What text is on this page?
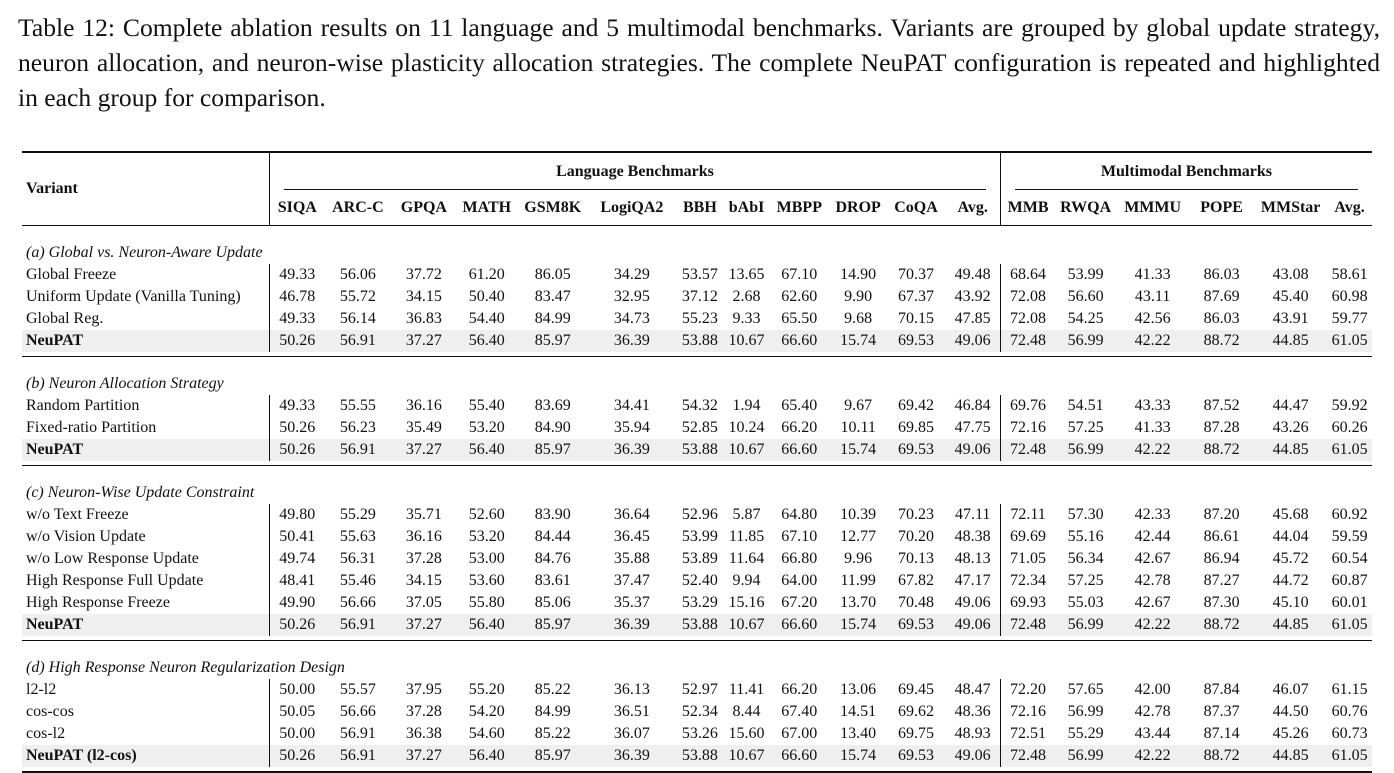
Table 12: Complete ablation results on 11 language and 5 multimodal benchmarks. Variants are grouped by global update strategy, neuron allocation, and neuron-wise plasticity allocation strategies. The complete NeuPAT configuration is repeated and highlighted in each group for comparison.
Variant	Language Benchmarks												Multimodal Benchmarks					

	SIQA	ARC-C	GPQA	MATH	GSM8K	LogiQA2	BBH	bAbI	MBPP	DROP	CoQA	Avg.	MMB	RWQA	MMMU	POPE	MMStar	Avg.
(a) Global vs. Neuron-Aware Update																		
Global Freeze	49.33	56.06	37.72	61.20	86.05	34.29	53.57	13.65	67.10	14.90	70.37	49.48	68.64	53.99	41.33	86.03	43.08	58.61
Uniform Update (Vanilla Tuning)	46.78	55.72	34.15	50.40	83.47	32.95	37.12	2.68	62.60	9.90	67.37	43.92	72.08	56.60	43.11	87.69	45.40	60.98
Global Reg.	49.33	56.14	36.83	54.40	84.99	34.73	55.23	9.33	65.50	9.68	70.15	47.85	72.08	54.25	42.56	86.03	43.91	59.77
NeuPAT	50.26	56.91	37.27	56.40	85.97	36.39	53.88	10.67	66.60	15.74	69.53	49.06	72.48	56.99	42.22	88.72	44.85	61.05

(b) Neuron Allocation Strategy																		
Random Partition	49.33	55.55	36.16	55.40	83.69	34.41	54.32	1.94	65.40	9.67	69.42	46.84	69.76	54.51	43.33	87.52	44.47	59.92
Fixed-ratio Partition	50.26	56.23	35.49	53.20	84.90	35.94	52.85	10.24	66.20	10.11	69.85	47.75	72.16	57.25	41.33	87.28	43.26	60.26
NeuPAT	50.26	56.91	37.27	56.40	85.97	36.39	53.88	10.67	66.60	15.74	69.53	49.06	72.48	56.99	42.22	88.72	44.85	61.05

(c) Neuron-Wise Update Constraint																		
w/o Text Freeze	49.80	55.29	35.71	52.60	83.90	36.64	52.96	5.87	64.80	10.39	70.23	47.11	72.11	57.30	42.33	87.20	45.68	60.92
w/o Vision Update	50.41	55.63	36.16	53.20	84.44	36.45	53.99	11.85	67.10	12.77	70.20	48.38	69.69	55.16	42.44	86.61	44.04	59.59
w/o Low Response Update	49.74	56.31	37.28	53.00	84.76	35.88	53.89	11.64	66.80	9.96	70.13	48.13	71.05	56.34	42.67	86.94	45.72	60.54
High Response Full Update	48.41	55.46	34.15	53.60	83.61	37.47	52.40	9.94	64.00	11.99	67.82	47.17	72.34	57.25	42.78	87.27	44.72	60.87
High Response Freeze	49.90	56.66	37.05	55.80	85.06	35.37	53.29	15.16	67.20	13.70	70.48	49.06	69.93	55.03	42.67	87.30	45.10	60.01
NeuPAT	50.26	56.91	37.27	56.40	85.97	36.39	53.88	10.67	66.60	15.74	69.53	49.06	72.48	56.99	42.22	88.72	44.85	61.05

(d) High Response Neuron Regularization Design																		
l2-l2	50.00	55.57	37.95	55.20	85.22	36.13	52.97	11.41	66.20	13.06	69.45	48.47	72.20	57.65	42.00	87.84	46.07	61.15
cos-cos	50.05	56.66	37.28	54.20	84.99	36.51	52.34	8.44	67.40	14.51	69.62	48.36	72.16	56.99	42.78	87.37	44.50	60.76
cos-l2	50.00	56.91	36.38	54.60	85.22	36.07	53.26	15.60	67.00	13.40	69.75	48.93	72.51	55.29	43.44	87.14	45.26	60.73
NeuPAT (l2-cos)	50.26	56.91	37.27	56.40	85.97	36.39	53.88	10.67	66.60	15.74	69.53	49.06	72.48	56.99	42.22	88.72	44.85	61.05
